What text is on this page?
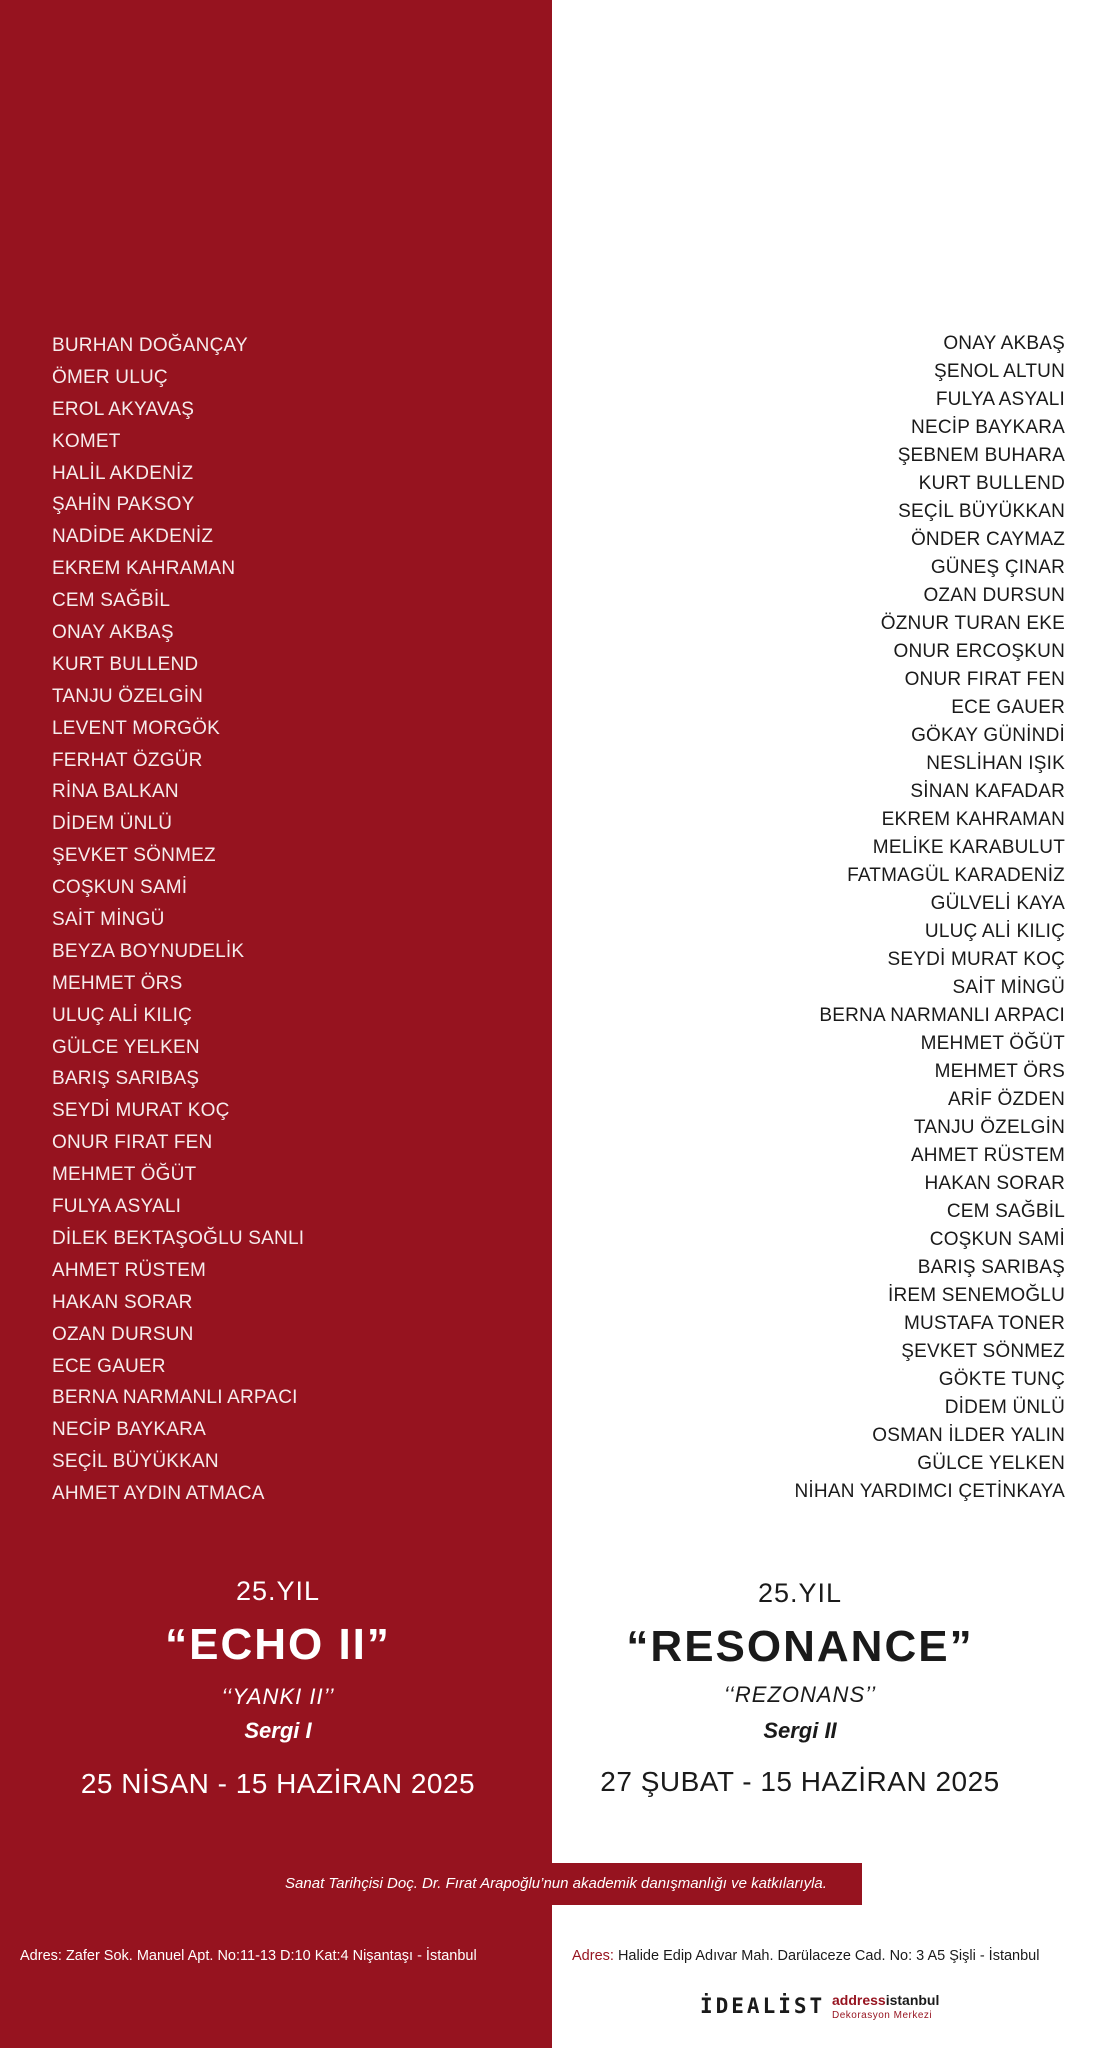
BURHAN DOĞANÇAY
ÖMER ULUÇ
EROL AKYAVAŞ
KOMET
HALİL AKDENİZ
ŞAHİN PAKSOY
NADİDE AKDENİZ
EKREM KAHRAMAN
CEM SAĞBİL
ONAY AKBAŞ
KURT BULLEND
TANJU ÖZELGİN
LEVENT MORGÖK
FERHAT ÖZGÜR
RİNA BALKAN
DİDEM ÜNLÜ
ŞEVKET SÖNMEZ
COŞKUN SAMİ
SAİT MİNGÜ
BEYZA BOYNUDELİK
MEHMET ÖRS
ULUÇ ALİ KILIÇ
GÜLCE YELKEN
BARIŞ SARIBAŞ
SEYDİ MURAT KOÇ
ONUR FIRAT FEN
MEHMET ÖĞÜT
FULYA ASYALI
DİLEK BEKTAŞOĞLU SANLI
AHMET RÜSTEM
HAKAN SORAR
OZAN DURSUN
ECE GAUER
BERNA NARMANLI ARPACI
NECİP BAYKARA
SEÇİL BÜYÜKKAN
AHMET AYDIN ATMACA
ONAY AKBAŞ
ŞENOL ALTUN
FULYA ASYALI
NECİP BAYKARA
ŞEBNEM BUHARA
KURT BULLEND
SEÇİL BÜYÜKKAN
ÖNDER CAYMAZ
GÜNEŞ ÇINAR
OZAN DURSUN
ÖZNUR TURAN EKE
ONUR ERCOŞKUN
ONUR FIRAT FEN
ECE GAUER
GÖKAY GÜNİNDİ
NESLİHAN IŞIK
SİNAN KAFADAR
EKREM KAHRAMAN
MELİKE KARABULUT
FATMAGÜL KARADENİZ
GÜLVELİ KAYA
ULUÇ ALİ KILIÇ
SEYDİ MURAT KOÇ
SAİT MİNGÜ
BERNA NARMANLI ARPACI
MEHMET ÖĞÜT
MEHMET ÖRS
ARİF ÖZDEN
TANJU ÖZELGİN
AHMET RÜSTEM
HAKAN SORAR
CEM SAĞBİL
COŞKUN SAMİ
BARIŞ SARIBAŞ
İREM SENEMOĞLU
MUSTAFA TONER
ŞEVKET SÖNMEZ
GÖKTE TUNÇ
DİDEM ÜNLÜ
OSMAN İLDER YALIN
GÜLCE YELKEN
NİHAN YARDIMCI ÇETİNKAYA
25.YIL
“ECHO II”
‘‘YANKI II’’
Sergi I
25 NİSAN - 15 HAZİRAN 2025
25.YIL
“RESONANCE”
‘‘REZONANS’’
Sergi II
27 ŞUBAT - 15 HAZİRAN 2025
Sanat Tarihçisi Doç. Dr. Fırat Arapoğlu’nun akademik danışmanlığı ve katkılarıyla.
Adres: Zafer Sok. Manuel Apt. No:11-13 D:10 Kat:4 Nişantaşı - İstanbul	Adres: Halide Edip Adıvar Mah. Darülaceze Cad. No: 3 A5 Şişli - İstanbul
İDEALİST addressistanbul
Dekorasyon Merkezi
